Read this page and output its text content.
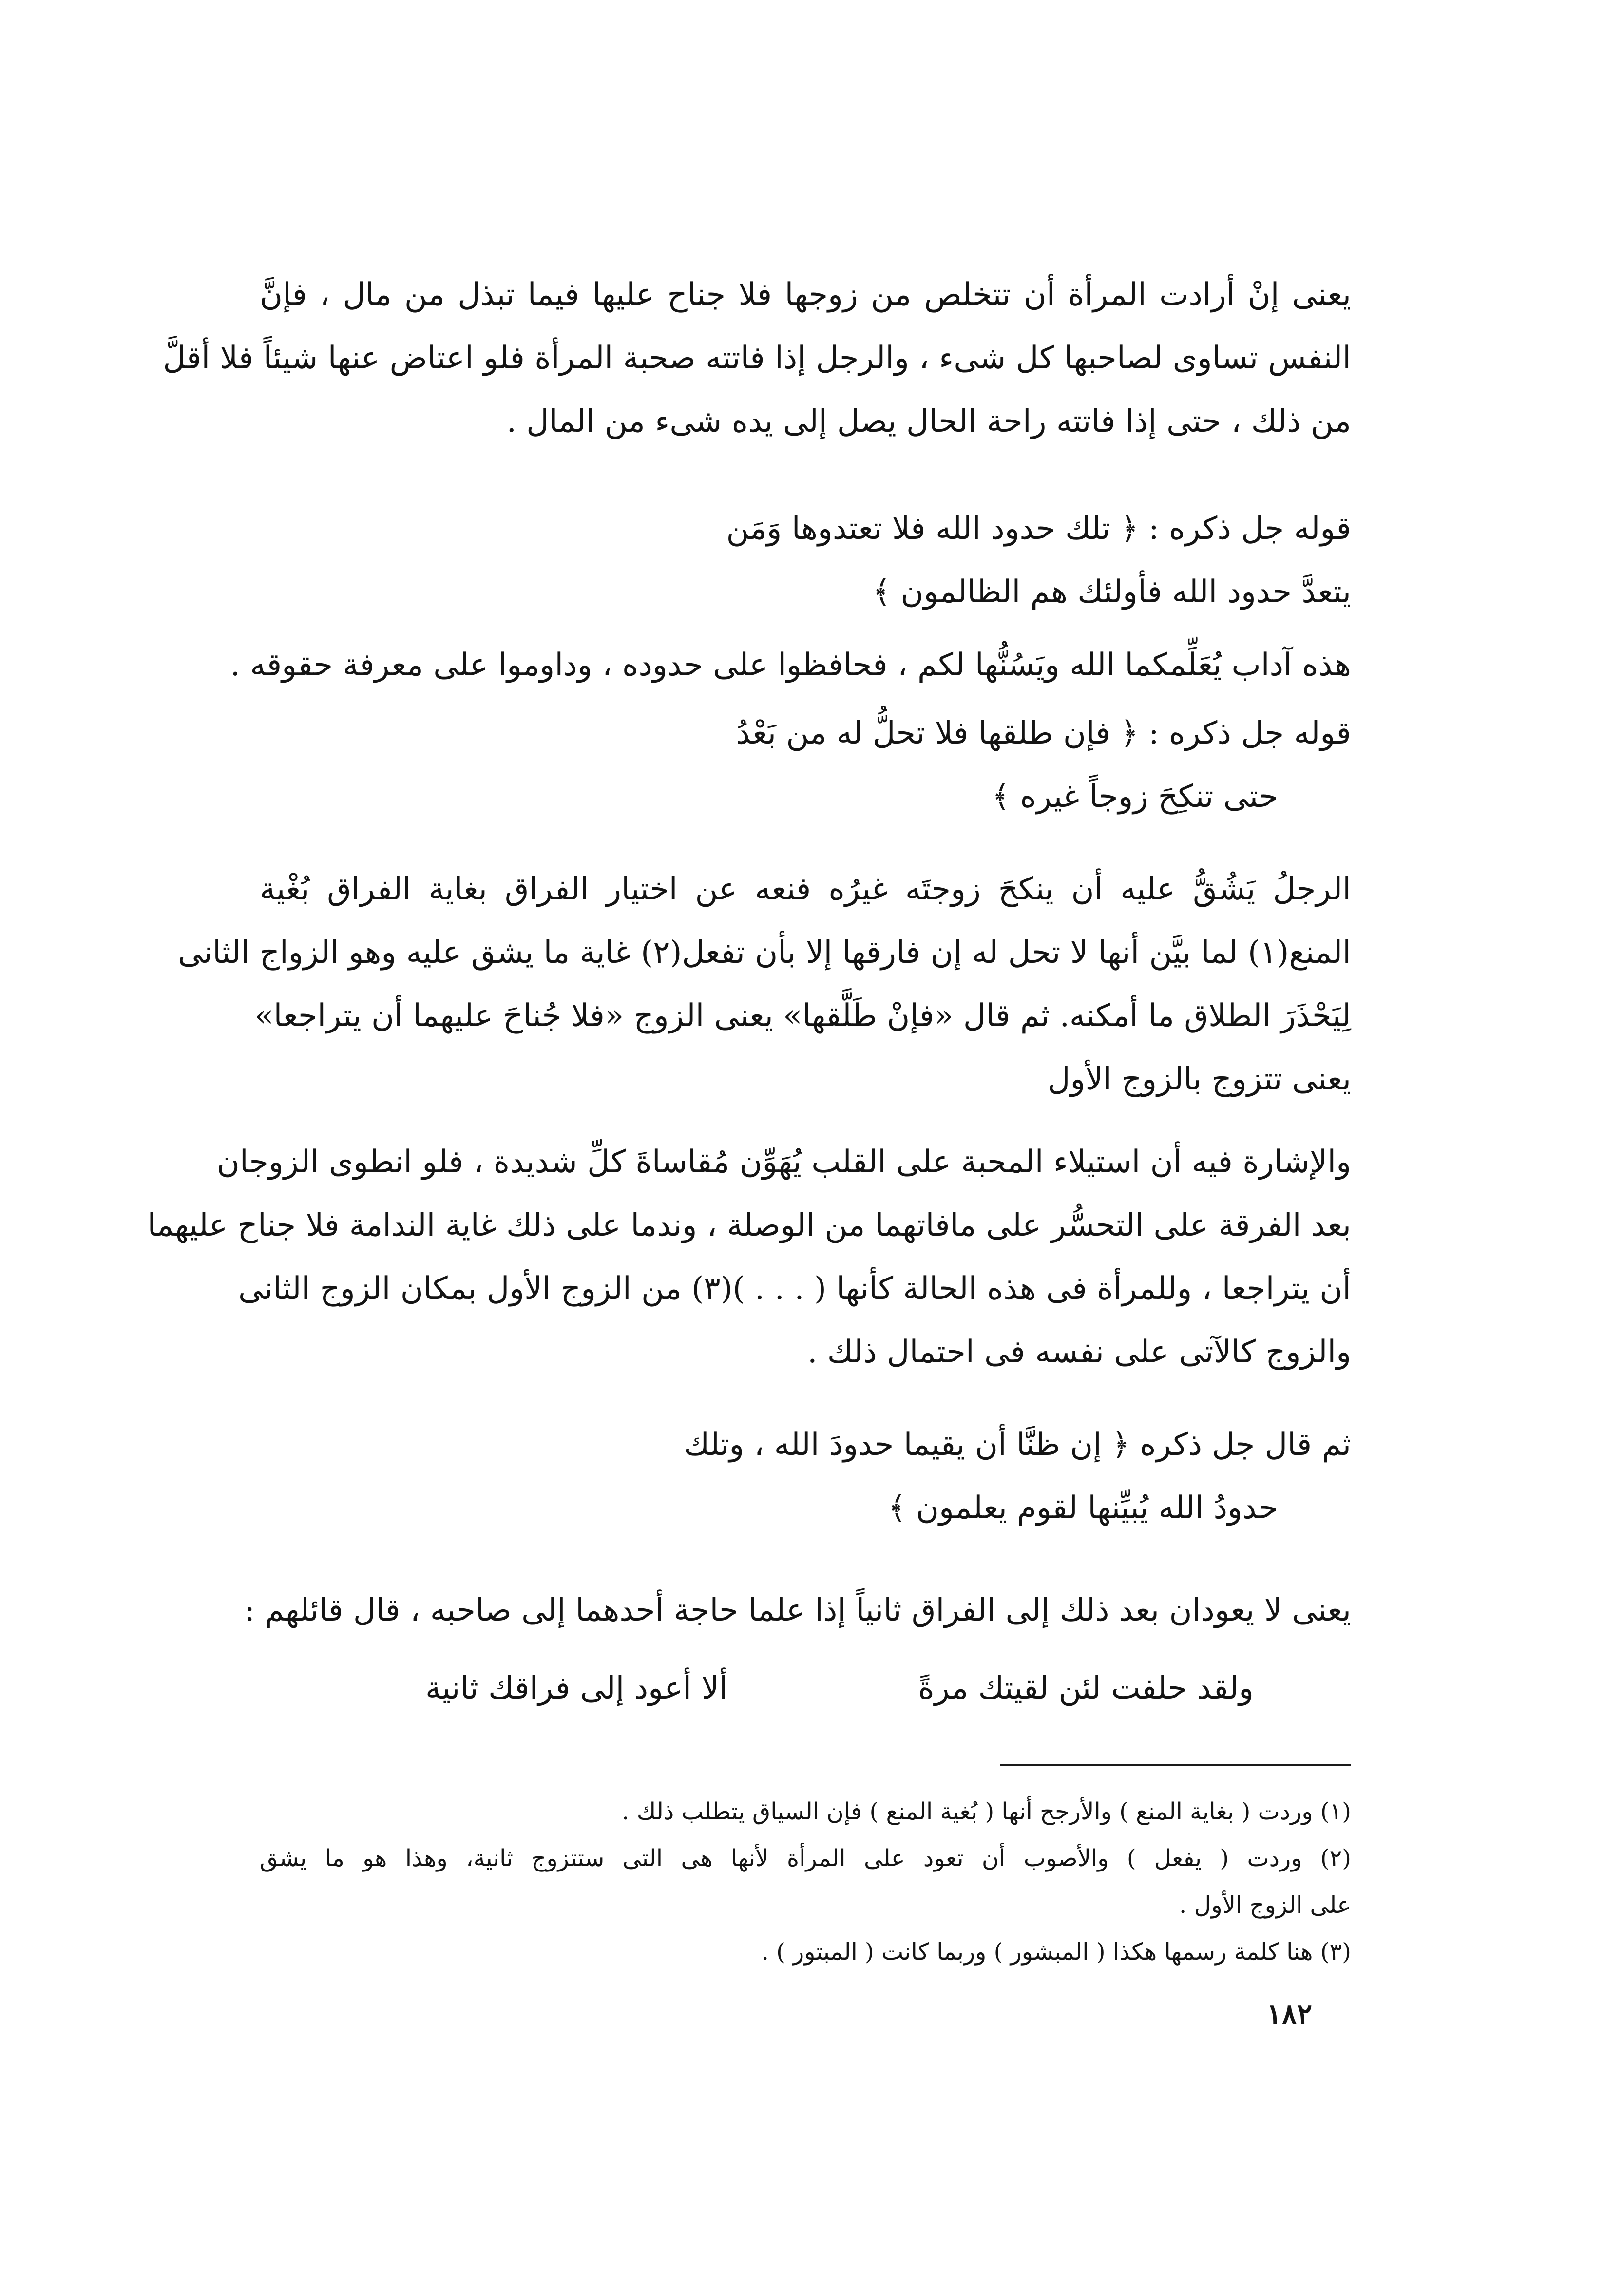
يعنى إنْ أرادت المرأة أن تتخلص من زوجها فلا جناح عليها فيما تبذل من مال ، فإنَّ
النفس تساوى لصاحبها كل شىء ، والرجل إذا فاتته صحبة المرأة فلو اعتاض عنها شيئاً فلا أقلَّ
من ذلك ، حتى إذا فاتته راحة الحال يصل إلى يده شىء من المال .
قوله جل ذكره : ﴿ تلك حدود الله فلا تعتدوها وَمَن
يتعدَّ حدود الله فأولئك هم الظالمون ﴾
هذه آداب يُعَلِّمكما الله ويَسُنُّها لكم ، فحافظوا على حدوده ، وداوموا على معرفة حقوقه .
قوله جل ذكره : ﴿ فإن طلقها فلا تحلُّ له من بَعْدُ
حتى تنكِحَ زوجاً غيره ﴾
الرجلُ يَشُقُّ عليه أن ينكحَ زوجتَه غيرُه فنعه عن اختيار الفراق بغاية الفراق بُغْية
المنع(١) لما بيَّن أنها لا تحل له إن فارقها إلا بأن تفعل(٢) غاية ما يشق عليه وهو الزواج الثانى
لِيَحْذَرَ الطلاق ما أمكنه. ثم قال «فإنْ طَلَّقها» يعنى الزوج «فلا جُناحَ عليهما أن يتراجعا»
يعنى تتزوج بالزوج الأول
والإشارة فيه أن استيلاء المحبة على القلب يُهَوِّن مُقاساةَ كلِّ شديدة ، فلو انطوى الزوجان
بعد الفرقة على التحسُّر على مافاتهما من الوصلة ، وندما على ذلك غاية الندامة فلا جناح عليهما
أن يتراجعا ، وللمرأة فى هذه الحالة كأنها ( . . . )(٣) من الزوج الأول بمكان الزوج الثانى
والزوج كالآتى على نفسه فى احتمال ذلك .
ثم قال جل ذكره ﴿ إن ظنَّا أن يقيما حدودَ الله ، وتلك
حدودُ الله يُبيِّنها لقوم يعلمون ﴾
يعنى لا يعودان بعد ذلك إلى الفراق ثانياً إذا علما حاجة أحدهما إلى صاحبه ، قال قائلهم :
ولقد حلفت لئن لقيتك مرةً
ألا أعود إلى فراقك ثانية
(١) وردت ( بغاية المنع ) والأرجح أنها ( بُغية المنع ) فإن السياق يتطلب ذلك .
(٢) وردت ( يفعل ) والأصوب أن تعود على المرأة لأنها هى التى ستتزوج ثانية، وهذا هو ما يشق
على الزوج الأول .
(٣) هنا كلمة رسمها هكذا ( المبشور ) وربما كانت ( المبتور ) .
١٨٢
